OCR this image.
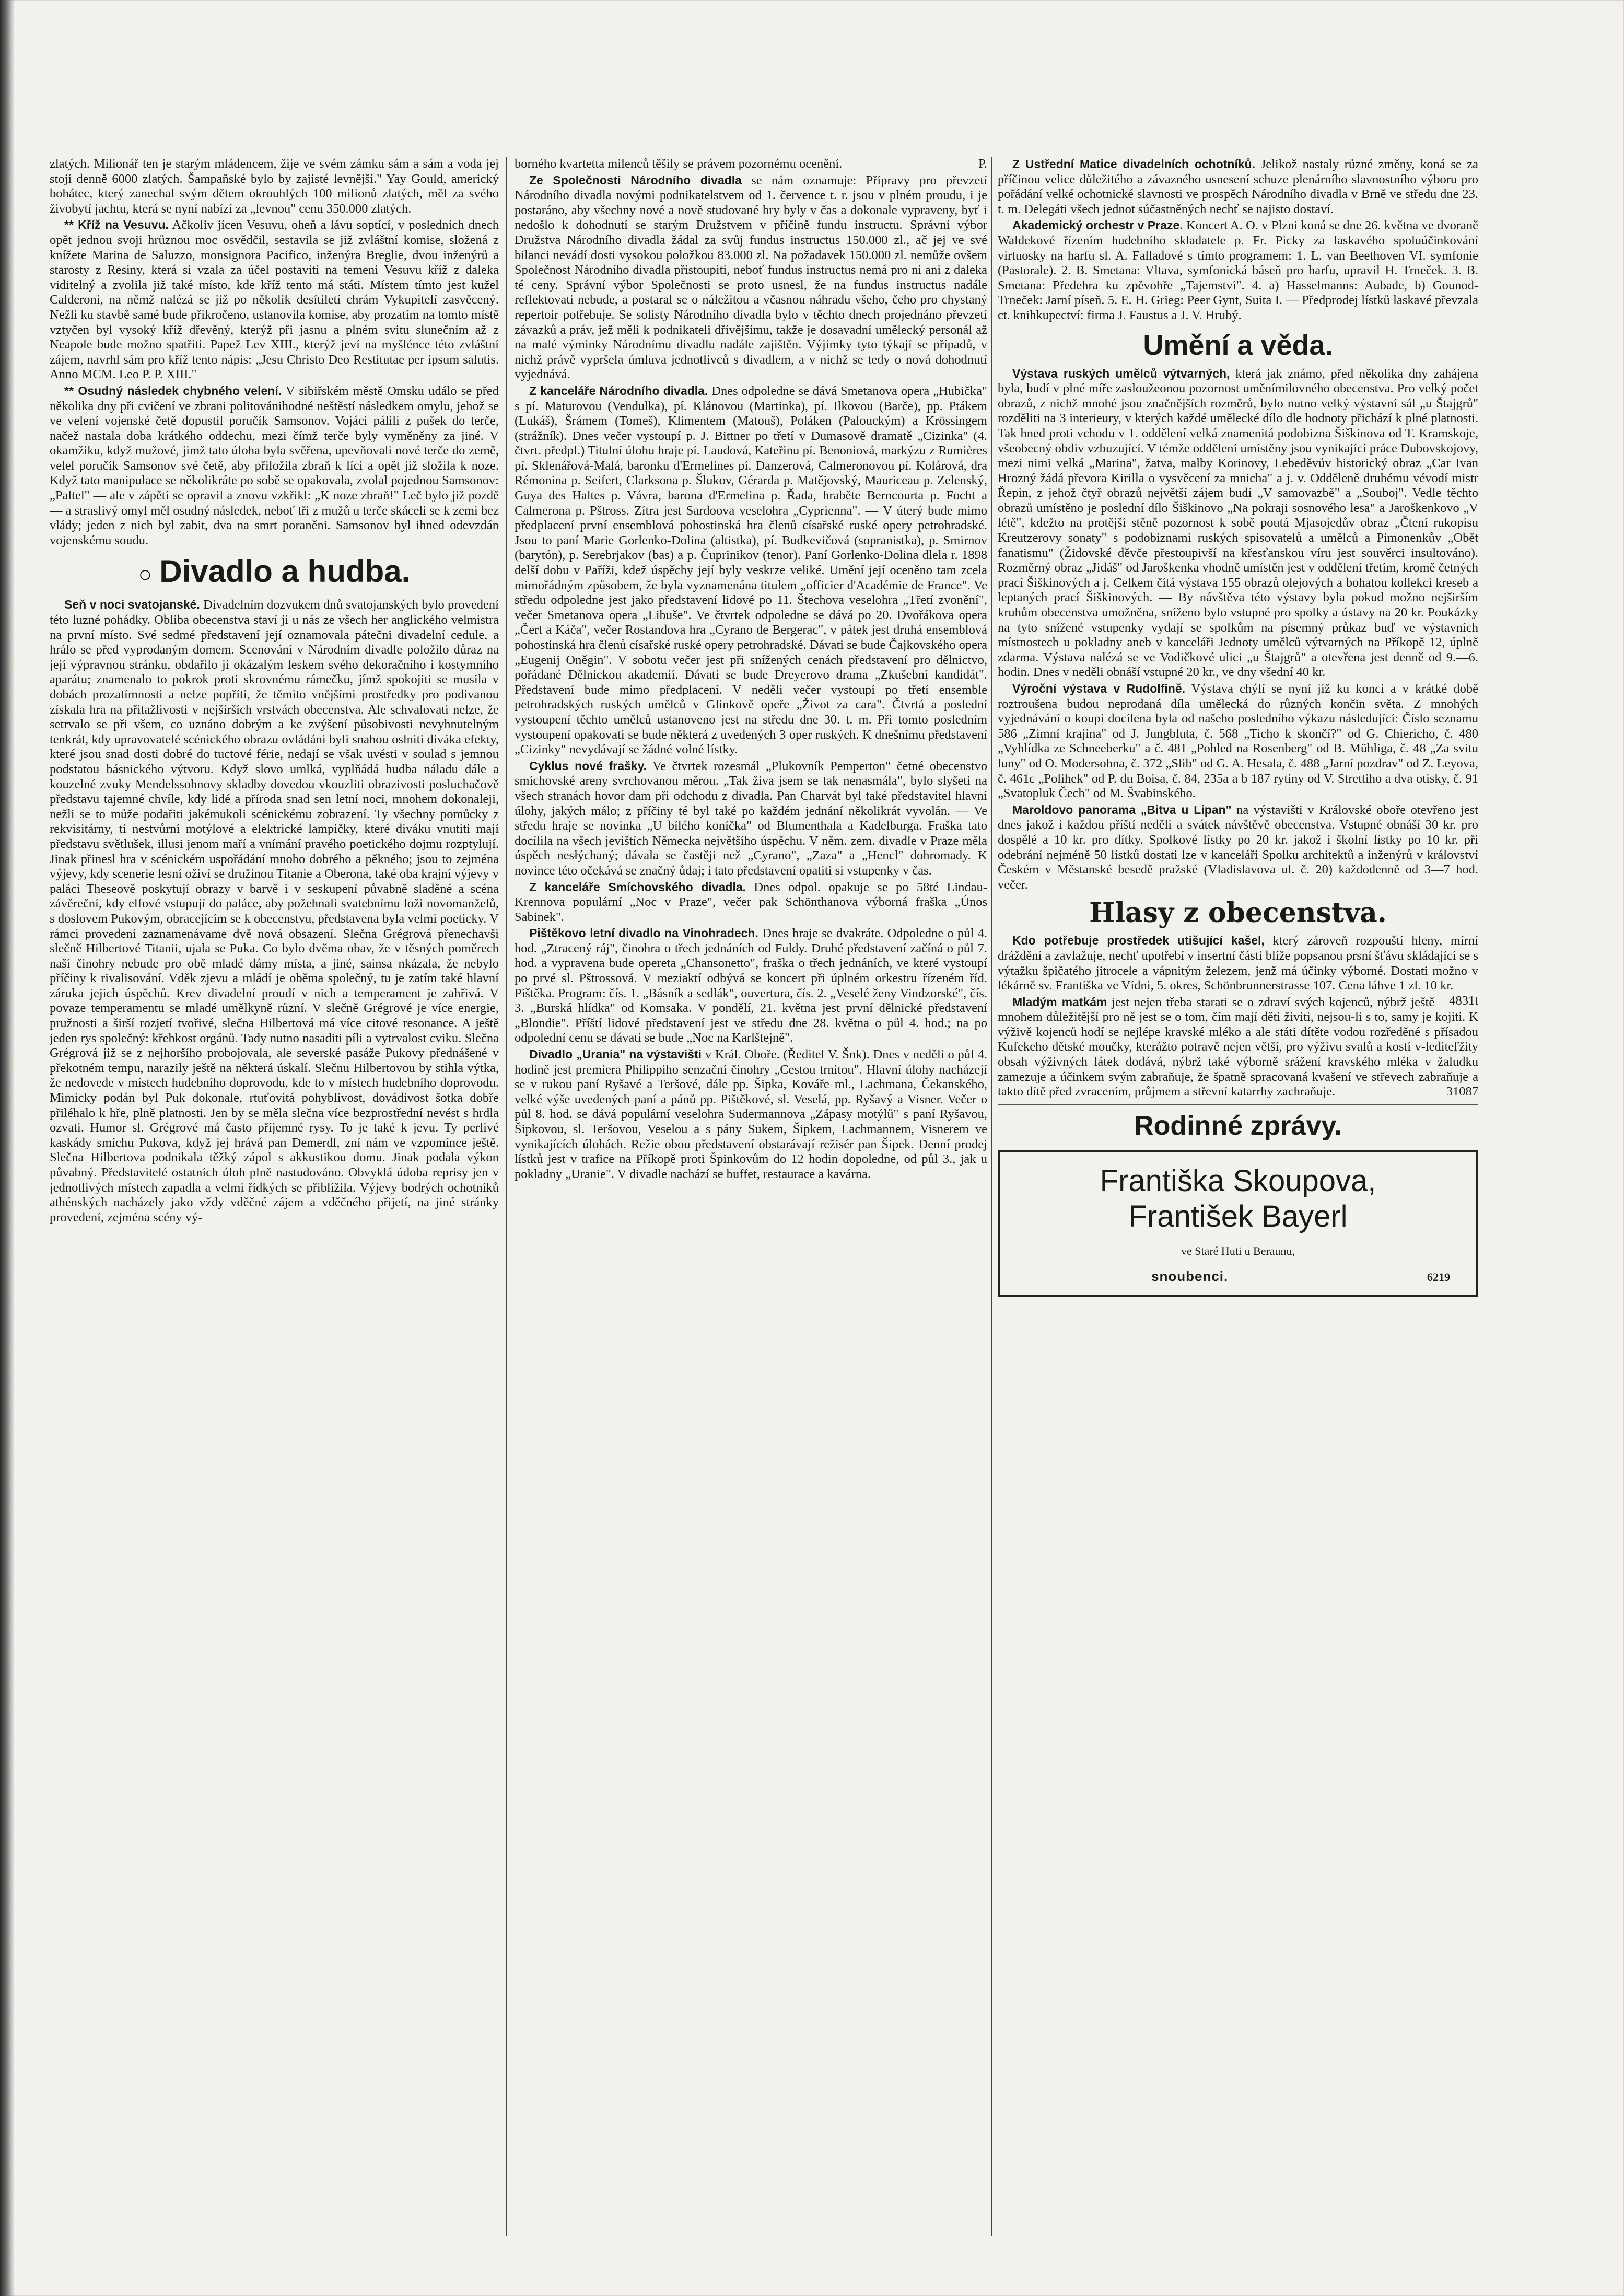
zlatých. Milionář ten je starým mládencem, žije ve svém zámku sám a sám a voda jej stojí denně 6000 zlatých. Šampaňské bylo by zajisté levnější." Yay Gould, americký boháteс, který zanechal svým dětem okrouhlých 100 milionů zlatých, měl za svého živobytí jachtu, která se nyní nabízí za „levnou" cenu 350.000 zlatých.

** Kříž na Vesuvu. Ačkoliv jícen Vesuvu, oheň a lávu soptící, v posledních dnech opět jednou svoji hrůznou moc osvědčil, sestavila se již zvláštní komise, složená z knížete Marina de Saluzzo, monsignora Pacifico, inženýra Breglie, dvou inženýrů a starosty z Resiny, která si vzala za účel postaviti na temeni Vesuvu kříž z daleka viditelný a zvolila již také místo, kde kříž tento má státi. Místem tímto jest kužel Calderoni, na němž nalézá se již po několik desítiletí chrám Vykupitelí zasvěcený. Nežli ku stavbě samé bude přikročeno, ustanovila komise, aby prozatím na tomto místě vztyčen byl vysoký kříž dřevěný, kterýž při jasnu a plném svitu slunečním až z Neapole bude možno spatřiti. Papež Lev XIII., kterýž jeví na myšlénce této zvláštní zájem, navrhl sám pro kříž tento nápis: „Jesu Christo Deo Restitutae per ipsum salutis. Anno MCM. Leo P. P. XIII."

** Osudný následek chybného velení. V sibiřském městě Omsku událo se před několika dny při cvičení ve zbrani politovánihodné neštěstí následkem omylu, jehož se ve velení vojenské četě dopustil poručík Samsonov. Vojáci pálili z pušek do terče, načež nastala doba krátkého oddechu, mezi čímž terče byly vyměněny za jiné. V okamžiku, když mužové, jimž tato úloha byla svěřena, upevňovali nové terče do země, velel poručík Samsonov své četě, aby přiložila zbraň k líci a opět již složila k noze. Když tato manipulace se několikráte po sobě se opakovala, zvolal pojednou Samsonov: „Paltel" — ale v zápětí se opravil a znovu vzkřikl: „K noze zbraň!" Leč bylo již pozdě — a straslivý omyl měl osudný následek, neboť tři z mužů u terče skáceli se k zemi bez vlády; jeden z nich byl zabit, dva na smrt poraněni. Samsonov byl ihned odevzdán vojenskému soudu.

○ Divadlo a hudba.

Seň v noci svatojanské. Divadelním dozvukem dnů svatojanských bylo provedení této luzné pohádky. Obliba obecenstva staví ji u nás ze všech her anglického velmistra na první místo. Své sedmé představení její oznamovala pátečni divadelní cedule, a hrálo se před vyprodaným domem. Scenování v Národním divadle položilo důraz na její výpravnou stránku, obdařilo ji okázalým leskem svého dekoračního i kostymního aparátu; znamenalo to pokrok proti skrovnému rámečku, jímž spokojiti se musila v dobách prozatímnosti a nelze popříti, že těmito vnějšími prostředky pro podivanou získala hra na přitažlivosti v nejširších vrstvách obecenstva. Ale schvalovati nelze, že setrvalo se při všem, co uznáno dobrým a ke zvýšení působivosti nevyhnutelným tenkrát, kdy upravovatelé scénického obrazu ovládáni byli snahou oslniti diváka efekty, které jsou snad dosti dobré do tuctové férie, nedají se však uvésti v soulad s jemnou podstatou básnického výtvoru. Když slovo umlká, vyplňádá hudba náladu dále a kouzelné zvuky Mendelssohnovy skladby dovedou vkouzliti obrazivosti posluchačově představu tajemné chvíle, kdy lidé a příroda snad sen letní noci, mnohem dokonaleji, nežli se to může podařiti jakémukoli scénickému zobrazení. Ty všechny pomůcky z rekvisitárny, ti nestvůrní motýlové a elektrické lampičky, které diváku vnutiti mají představu světlušek, illusi jenom maří a vnímání pravého poetického dojmu rozptylují. Jinak přinesl hra v scénickém uspořádání mnoho dobrého a pěkného; jsou to zejména výjevy, kdy scenerie lesní oživí se družinou Titanie a Oberona, také oba krajní výjevy v paláci Theseově poskytují obrazy v barvě i v seskupení půvabně sladěné a scéna závěreční, kdy elfové vstupují do paláce, aby požehnali svatebnímu loži novomanželů, s doslovem Pukovým, obracejícím se k obecenstvu, představena byla velmi poeticky. V rámci provedení zaznamenávame dvě nová obsazení. Slečna Grégrová přenechavši slečně Hilbertové Titanii, ujala se Puka. Co bylo dvěma obav, že v těsných poměrech naší činohry nebude pro obě mladé dámy místa, a jiné, sainsa nkázala, že nebylo příčiny k rivalisování. Vděk zjevu a mládí je oběma společný, tu je zatím také hlavní záruka jejich úspěchů. Krev divadelní proudí v nich a temperament je zahřivá. V povaze temperamentu se mladé umělkyně různí. V slečně Grégrové je více energie, pružnosti a širší rozjetí tvořivé, slečna Hilbertová má více citové resonance. A ještě jeden rys společný: křehkost orgánů. Tady nutno nasaditi píli a vytrvalost cviku. Slečna Grégrová již se z nejhoršího probojovala, ale severské pasáže Pukovy přednášené v překotném tempu, narazily ještě na některá úskalí. Slečnu Hilbertovou by stihla výtka, že nedovede v místech hudebního doprovodu, kde to v místech hudebního doprovodu. Mimicky podán byl Puk dokonale, rtuťovitá pohyblivost, dovádivost šotka dobře přiléhalo k hře, plně platnosti. Jen by se měla slečna více bezprostřední nevést s hrdla ozvati. Humor sl. Grégrové má často příjemné rysy. To je také k jevu. Ty perlivé kaskády smíchu Pukova, když jej hrává pan Demerdl, zní nám ve vzpomínce ještě. Slečna Hilbertova podnikala těžký zápol s akkustikou domu. Jinak podala výkon půvabný. Představitelé ostatních úloh plně nastudováno. Obvyklá údoba reprisy jen v jednotlivých místech zapadla a velmi řídkých se přiblížila. Výjevy bodrých ochotníků athénských nacházely jako vždy vděčné zájem a vděčného přijetí, na jiné stránky provedení, zejména scény vý-

borného kvartetta milenců těšily se právem pozornému ocenění.	P.

Ze Společnosti Národního divadla se nám oznamuje: Přípravy pro převzetí Národního divadla novými podnikatelstvem od 1. července t. r. jsou v plném proudu, i je postaráno, aby všechny nové a nově studované hry byly v čas a dokonale vypraveny, byť i nedošlo k dohodnutí se starým Družstvem v příčině fundu instructu. Správní výbor Družstva Národního divadla žádal za svůj fundus instructus 150.000 zl., ač jej ve své bilanci nevádí dosti vysokou položkou 83.000 zl. Na požadavek 150.000 zl. nemůže ovšem Společnost Národního divadla přistoupiti, neboť fundus instructus nemá pro ni ani z daleka té ceny. Správní výbor Společnosti se proto usnesl, že na fundus instructus nadále reflektovati nebude, a postaral se o náležitou a včasnou náhradu všeho, čeho pro chystaný repertoir potřebuje. Se solisty Národního divadla bylo v těchto dnech projednáno převzetí závazků a práv, jež měli k podnikateli dřívějšímu, takže je dosavadní umělecký personál až na malé výminky Národnímu divadlu nadále zajištěn. Výjimky tyto týkají se případů, v nichž právě vypršela úmluva jednotlivců s divadlem, a v nichž se tedy o nová dohodnutí vyjednává.

Z kanceláře Národního divadla. Dnes odpoledne se dává Smetanova opera „Hubička" s pí. Maturovou (Vendulka), pí. Klánovou (Martinka), pí. Ilkovou (Barče), pp. Ptákem (Lukáš), Šrámem (Tomeš), Klimentem (Matouš), Poláken (Palouckým) a Krössingem (strážník). Dnes večer vystoupí p. J. Bittner po třetí v Dumasově dramatě „Cizinka" (4. čtvrt. předpl.) Titulní úlohu hraje pí. Laudová, Kateřinu pí. Benoniová, markýzu z Rumières pí. Sklenářová-Malá, baronku d'Ermelines pí. Danzerová, Calmeronovou pí. Kolárová, dra Rémonina p. Seifert, Clarksona p. Šlukov, Gérarda p. Matějovský, Mauriceau p. Zelenský, Guya des Haltes p. Vávra, barona d'Ermelina p. Řada, hraběte Berncourta p. Focht a Calmerona p. Pštross. Zítra jest Sardoova veselohra „Cypriennа". — V úterý bude mimo předplacení první ensemblová pohostinská hra členů císařské ruské opery petrohradské. Jsou to paní Marie Gorlenko-Dolina (altistka), pí. Budkevičová (sopranistka), p. Smirnov (barytón), p. Serebrjakov (bas) a p. Čuprinikov (tenor). Paní Gorlenko-Dolina dlela r. 1898 delší dobu v Paříži, kdež úspěchy její byly veskrze veliké. Umění její oceněno tam zcela mimořádným způsobem, že byla vyznamenána titulem „officier d'Académie de France". Ve středu odpoledne jest jako představení lidové po 11. Štechova veselohra „Třetí zvonění", večer Smetanova opera „Libuše". Ve čtvrtek odpoledne se dává po 20. Dvořákova opera „Čert a Káča", večer Rostandova hra „Cyrano de Bergerac", v pátek jest druhá ensemblová pohostinská hra členů císařské ruské opery petrohradské. Dávati se bude Čajkovského opera „Eugenij Oněgin". V sobotu večer jest při snížených cenách představení pro dělnictvo, pořádané Dělnickou akademií. Dávati se bude Dreyerovo drama „Zkušební kandidát". Představení bude mimo předplacení. V neděli večer vystoupí po třetí ensemble petrohradských ruských umělců v Glinkově opeře „Život za cara". Čtvrtá a poslední vystoupení těchto umělců ustanoveno jest na středu dne 30. t. m. Při tomto posledním vystoupení opakovati se bude některá z uvedených 3 oper ruských. K dnešnímu představení „Cizinky" nevydávají se žádné volné lístky.

Cyklus nové frašky. Ve čtvrtek rozesmál „Plukovník Pemperton" četné obecenstvo smíchovské areny svrchovanou měrou. „Tak živa jsem se tak nenasmála", bylo slyšeti na všech stranách hovor dam při odchodu z divadla. Pan Charvát byl také představitel hlavní úlohy, jakých málo; z příčiny té byl také po každém jednání několikrát vyvolán. — Ve středu hraje se novinka „U bílého koníčka" od Blumenthala a Kadelburga. Fraška tato docílila na všech jevištích Německa největšího úspěchu. V něm. zem. divadle v Praze měla úspěch nesłýchaný; dávala se častěji než „Cyrano", „Zaza" a „Hencl" dohromady. K novince této očekává se značný ůdaj; i tato představení opatiti si vstupenky v čas.

Z kanceláře Smíchovského divadla. Dnes odpol. opakuje se po 58té Lindau-Krennova populární „Noc v Praze", večer pak Schönthanova výborná fraška „Únos Sabinek".

Pištěkovo letní divadlo na Vinohradech. Dnes hraje se dvakráte. Odpoledne o půl 4. hod. „Ztracený ráj", činohra o třech jednáních od Fuldy. Druhé představení začíná o půl 7. hod. a vypravena bude opereta „Chansonetto", fraška o třech jednáních, ve které vystoupí po prvé sl. Pštrossová. V meziaktí odbývá se koncert při úplném orkestru řízeném říd. Pištěka. Program: čís. 1. „Básník a sedlák", ouvertura, čís. 2. „Veselé ženy Vindzorské", čís. 3. „Burská hlídka" od Komsaka. V pondělí, 21. května jest první dělnické představení „Blondie". Příští lidové představení jest ve středu dne 28. května o půl 4. hod.; na po odpolední cenu se dávati se bude „Noc na Karlštejně".

Divadlo „Urania" na výstavišti v Král. Oboře. (Ředitel V. Šnk). Dnes v neděli o půl 4. hodině jest premiera Philippiho senzační činohry „Cestou trnitou". Hlavní úlohy nacházejí se v rukou paní Ryšavé a Teršové, dále pp. Šipka, Kováře ml., Lachmana, Čekanského, velké výše uvedených paní a pánů pp. Pištěkové, sl. Veselá, pp. Ryšavý a Visner. Večer o půl 8. hod. se dává populární veselohra Sudermannova „Zápasy motýlů" s paní Ryšavou, Šipkovou, sl. Teršovou, Veselou a s pány Sukem, Šipkem, Lachmannem, Visnerem ve vynikajících úlohách. Režie obou představení obstarávají režisér pan Šipek. Denní prodej lístků jest v trafice na Příkopě proti Špinkovům do 12 hodin dopoledne, od půl 3., jak u pokladny „Uranie". V divadle nachází se buffet, restaurace a kavárna.

Z Ustřední Matice divadelních ochotníků. Jelikož nastaly různé změny, koná se za příčinou velice důležitého a závazného usnesení schuze plenárního slavnostního výboru pro pořádání velké ochotnické slavnosti ve prospěch Národního divadla v Brně ve středu dne 23. t. m. Delegáti všech jednot súčastněných nechť se najisto dostaví.

Akademický orchestr v Praze. Koncert A. O. v Plzni koná se dne 26. května ve dvoraně Waldekové řízením hudebního skladatele p. Fr. Picky za laskavého spoluúčinkování virtuosky na harfu sl. A. Falladové s tímto programem: 1. L. van Beethoven VI. symfonie (Pastorale). 2. B. Smetana: Vltava, symfonická báseň pro harfu, upravil H. Trneček. 3. B. Smetana: Předehra ku zpěvohře „Tajemství". 4. a) Hasselmanns: Aubade, b) Gounod-Trneček: Jarní píseň. 5. E. H. Grieg: Peer Gynt, Suita I. — Předprodej lístků laskavé převzala ct. knihkupectví: firma J. Faustus a J. V. Hrubý.

Umění a věda.

Výstava ruských umělců výtvarných, která jak známo, před několika dny zahájena byla, budí v plné míře zasloužeonou pozornost uměnímilovného obecenstva. Pro velký počet obrazů, z nichž mnohé jsou značnějších rozměrů, bylo nutno velký výstavní sál „u Štajgrů" rozděliti na 3 interieury, v kterých každé umělecké dílo dle hodnoty přichází k plné platnosti. Tak hned proti vchodu v 1. oddělení velká znamenitá podobizna Šiškinova od T. Kramskoje, všeobecný obdiv vzbuzující. V témže oddělení umístěny jsou vynikající práce Dubovskojovy, mezi nimi velká „Marina", žatva, malby Korinovy, Lebeděvův historický obraz „Car Ivan Hrozný žádá převora Kirilla o vysvěcení za mnicha" a j. v. Odděleně druhému vévodí mistr Řepin, z jehož čtyř obrazů největší zájem budí „V samovazbě" a „Souboj". Vedle těchto obrazů umístěno je poslední dílo Šiškinovo „Na pokraji sosnového lesa" a Jaroškenkovo „V létě", kdežto na protější stěně pozornost k sobě poutá Mjasojedův obraz „Čtení rukopisu Kreutzerovy sonaty" s podobiznami ruských spisovatelů a umělců a Pimonenkův „Obět fanatismu" (Židovské děvče přestoupivší na křesťanskou víru jest souvěrci insultováno). Rozměrný obraz „Jidáš" od Jaroškenka vhodně umístěn jest v oddělení třetím, kromě četných prací Šiškinových a j. Celkem čítá výstava 155 obrazů olejových a bohatou kollekci kreseb a leptaných prací Šiškinových. — By návštěva této výstavy byla pokud možno nejširším kruhům obecenstva umožněna, sníženo bylo vstupné pro spolky a ústavy na 20 kr. Poukázky na tyto snížené vstupenky vydají se spolkům na písemný průkaz buď ve výstavních místnostech u pokladny aneb v kanceláři Jednoty umělců výtvarných na Příkopě 12, úplně zdarma. Výstava nalézá se ve Vodičkové ulici „u Štajgrů" a otevřena jest denně od 9.—6. hodin. Dnes v neděli obnáší vstupné 20 kr., ve dny všední 40 kr.

Výroční výstava v Rudolfině. Výstava chýlí se nyní již ku konci a v krátké době roztroušena budou neprodaná díla umělecká do různých končin světa. Z mnohých vyjednávání o koupi docílena byla od našeho posledního výkazu následující: Číslo seznamu 586 „Zimní krajina" od J. Jungbluta, č. 568 „Ticho k skončí?" od G. Chiericho, č. 480 „Vyhlídka ze Schneeberku" a č. 481 „Pohled na Rosenberg" od B. Mühliga, č. 48 „Za svitu luny" od O. Modersohna, č. 372 „Slib" od G. A. Hesala, č. 488 „Jarní pozdrav" od Z. Leyova, č. 461c „Polihek" od P. du Boisa, č. 84, 235a a b 187 rytiny od V. Strettiho a dva otisky, č. 91 „Svatopluk Čech" od M. Švabinského.

Maroldovo panorama „Bitva u Lipan" na výstavišti v Královské oboře otevřeno jest dnes jakož i každou příští neděli a svátek návštěvě obecenstva. Vstupné obnáší 30 kr. pro dospělé a 10 kr. pro dítky. Spolkové lístky po 20 kr. jakož i školní lístky po 10 kr. při odebrání nejméně 50 lístků dostati lze v kanceláři Spolku architektů a inženýrů v království Českém v Městanské besedě pražské (Vladislavova ul. č. 20) každodenně od 3—7 hod. večer.

Hlasy z obecenstva.

Kdo potřebuje prostředek utišující kašel, který zároveň rozpouští hleny, mírní dráždění a zavlažuje, nechť upotřebí v insertní části blíže popsanou prsní šťávu skládající se s výtažku špičatého jitrocele a vápnitým železem, jenž má účinky výborné. Dostati možno v lékárně sv. Františka ve Vídni, 5. okres, Schönbrunnerstrasse 107. Cena láhve 1 zl. 10 kr.
4831t

Mladým matkám jest nejen třeba starati se o zdraví svých kojenců, nýbrž ještě mnohem důležitější pro ně jest se o tom, čím mají děti živiti, nejsou-li s to, samy je kojiti. K výživě kojenců hodí se nejlépe kravské mléko a ale státi dítěte vodou rozředěné s přísadou Kufekeho dětské moučky, kterážto potravě nejen větší, pro výživu svalů a kostí v-lediteľžity obsah výživných látek dodává, nýbrž také výborně srážení kravského mléka v žaludku zamezuje a účinkem svým zabraňuje, že špatně spracovaná kvašení ve střevech zabraňuje a takto dítě před zvracením, průjmem a střevní katarrhy zachraňuje.	31087

Rodinné zprávy.
Františka Skoupova,
František Bayerl
ve Staré Huti u Beraunu,
snoubenci.	6219
